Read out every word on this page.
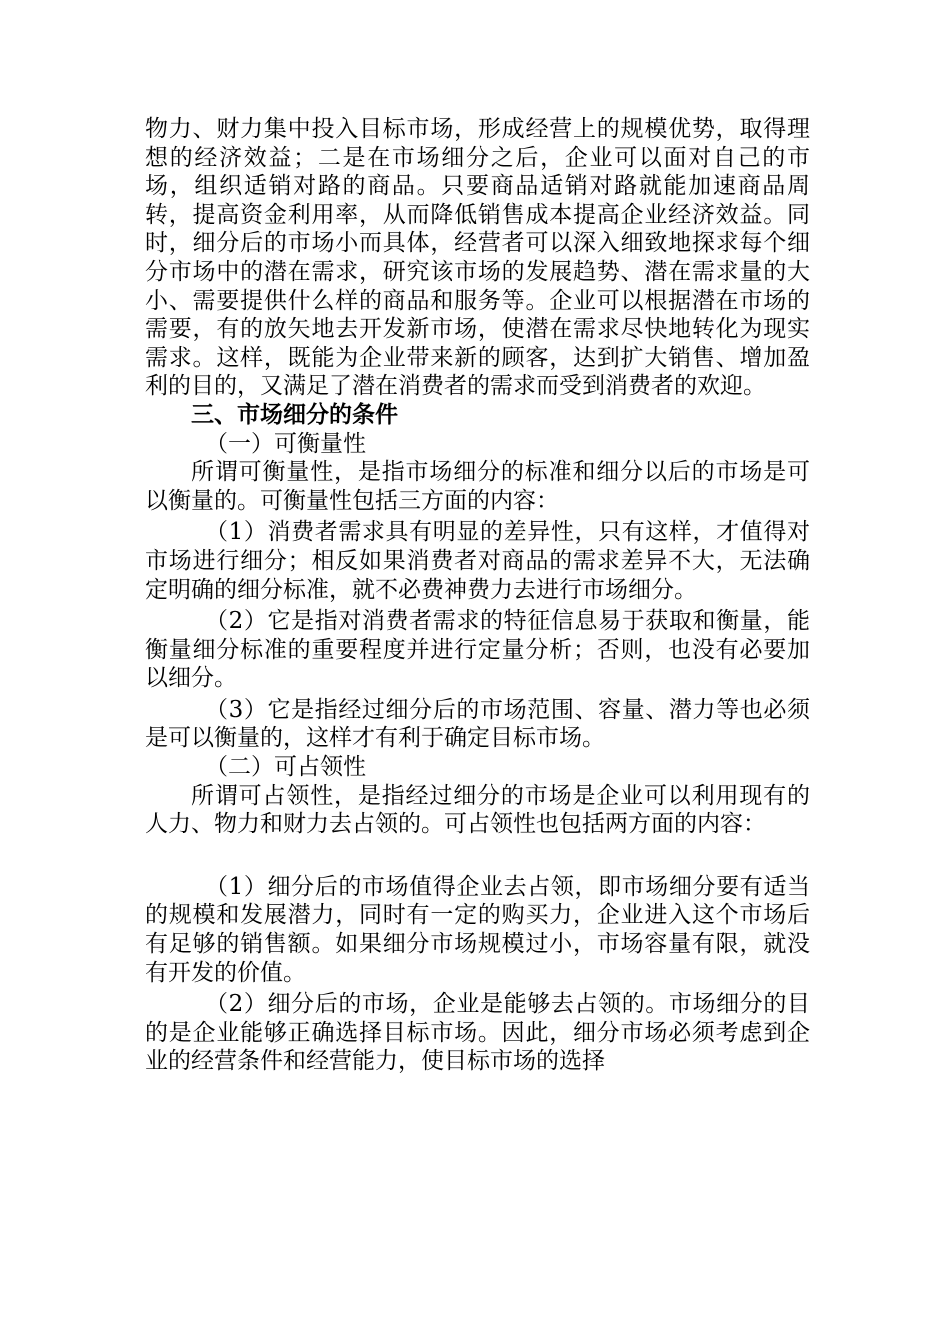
物力、财力集中投入目标市场，形成经营上的规模优势，取得理想的经济效益；二是在市场细分之后，企业可以面对自己的市场，组织适销对路的商品。只要商品适销对路就能加速商品周转，提高资金利用率，从而降低销售成本提高企业经济效益。同时，细分后的市场小而具体，经营者可以深入细致地探求每个细分市场中的潜在需求，研究该市场的发展趋势、潜在需求量的大小、需要提供什么样的商品和服务等。企业可以根据潜在市场的需要，有的放矢地去开发新市场，使潜在需求尽快地转化为现实需求。这样，既能为企业带来新的顾客，达到扩大销售、增加盈利的目的，又满足了潜在消费者的需求而受到消费者的欢迎。

三、市场细分的条件

（一）可衡量性

所谓可衡量性，是指市场细分的标准和细分以后的市场是可以衡量的。可衡量性包括三方面的内容：

（1）消费者需求具有明显的差异性，只有这样，才值得对市场进行细分；相反如果消费者对商品的需求差异不大，无法确定明确的细分标准，就不必费神费力去进行市场细分。

（2）它是指对消费者需求的特征信息易于获取和衡量，能衡量细分标准的重要程度并进行定量分析；否则，也没有必要加以细分。

（3）它是指经过细分后的市场范围、容量、潜力等也必须是可以衡量的，这样才有利于确定目标市场。

（二）可占领性

所谓可占领性，是指经过细分的市场是企业可以利用现有的人力、物力和财力去占领的。可占领性也包括两方面的内容：

（1）细分后的市场值得企业去占领，即市场细分要有适当的规模和发展潜力，同时有一定的购买力，企业进入这个市场后有足够的销售额。如果细分市场规模过小，市场容量有限，就没有开发的价值。

（2）细分后的市场，企业是能够去占领的。市场细分的目的是企业能够正确选择目标市场。因此，细分市场必须考虑到企业的经营条件和经营能力，使目标市场的选择
